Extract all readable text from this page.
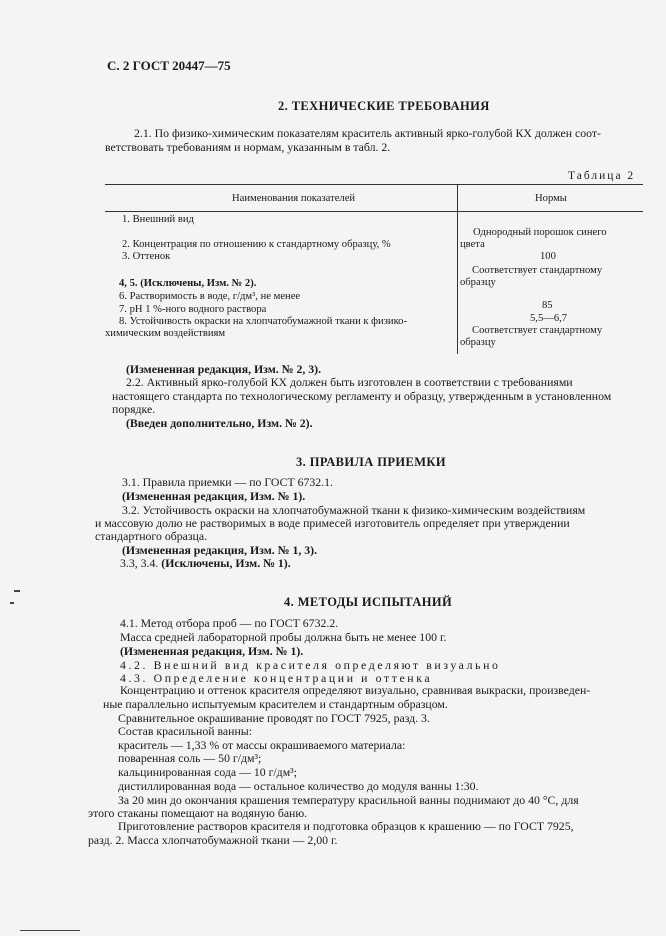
С. 2 ГОСТ 20447—75
2. ТЕХНИЧЕСКИЕ ТРЕБОВАНИЯ
2.1. По физико-химическим показателям краситель активный ярко-голубой КХ должен соот-
ветствовать требованиям и нормам, указанным в табл. 2.
Таблица 2
Наименования показателей	Нормы
1. Внешний вид
2. Концентрация по отношению к стандартному образцу, %
3. Оттенок
4, 5. (Исключены, Изм. № 2).
6. Растворимость в воде, г/дм³, не менее
7. pH 1 %-ного водного раствора
8. Устойчивость окраски на хлопчатобумажной ткани к физико-
химическим воздействиям
Однородный порошок синего
цвета
100
Соответствует стандартному
образцу
85
5,5—6,7
Соответствует стандартному
образцу
(Измененная редакция, Изм. № 2, 3).
2.2. Активный ярко-голубой КХ должен быть изготовлен в соответствии с требованиями
настоящего стандарта по технологическому регламенту и образцу, утвержденным в установленном
порядке.
(Введен дополнительно, Изм. № 2).
3. ПРАВИЛА ПРИЕМКИ
3.1. Правила приемки — по ГОСТ 6732.1.
(Измененная редакция, Изм. № 1).
3.2. Устойчивость окраски на хлопчатобумажной ткани к физико-химическим воздействиям
и массовую долю не растворимых в воде примесей изготовитель определяет при утверждении
стандартного образца.
(Измененная редакция, Изм. № 1, 3).
3.3, 3.4. (Исключены, Изм. № 1).
4. МЕТОДЫ ИСПЫТАНИЙ
4.1. Метод отбора проб — по ГОСТ 6732.2.
Масса средней лабораторной пробы должна быть не менее 100 г.
(Измененная редакция, Изм. № 1).
4.2. Внешний вид красителя определяют визуально
4.3. Определение концентрации и оттенка
Концентрацию и оттенок красителя определяют визуально, сравнивая выкраски, произведен-
ные параллельно испытуемым красителем и стандартным образцом.
Сравнительное окрашивание проводят по ГОСТ 7925, разд. 3.
Состав красильной ванны:
краситель — 1,33 % от массы окрашиваемого материала:
поваренная соль — 50 г/дм³;
кальцинированная сода — 10 г/дм³;
дистиллированная вода — остальное количество до модуля ванны 1:30.
За 20 мин до окончания крашения температуру красильной ванны поднимают до 40 °С, для
этого стаканы помещают на водяную баню.
Приготовление растворов красителя и подготовка образцов к крашению — по ГОСТ 7925,
разд. 2. Масса хлопчатобумажной ткани — 2,00 г.
